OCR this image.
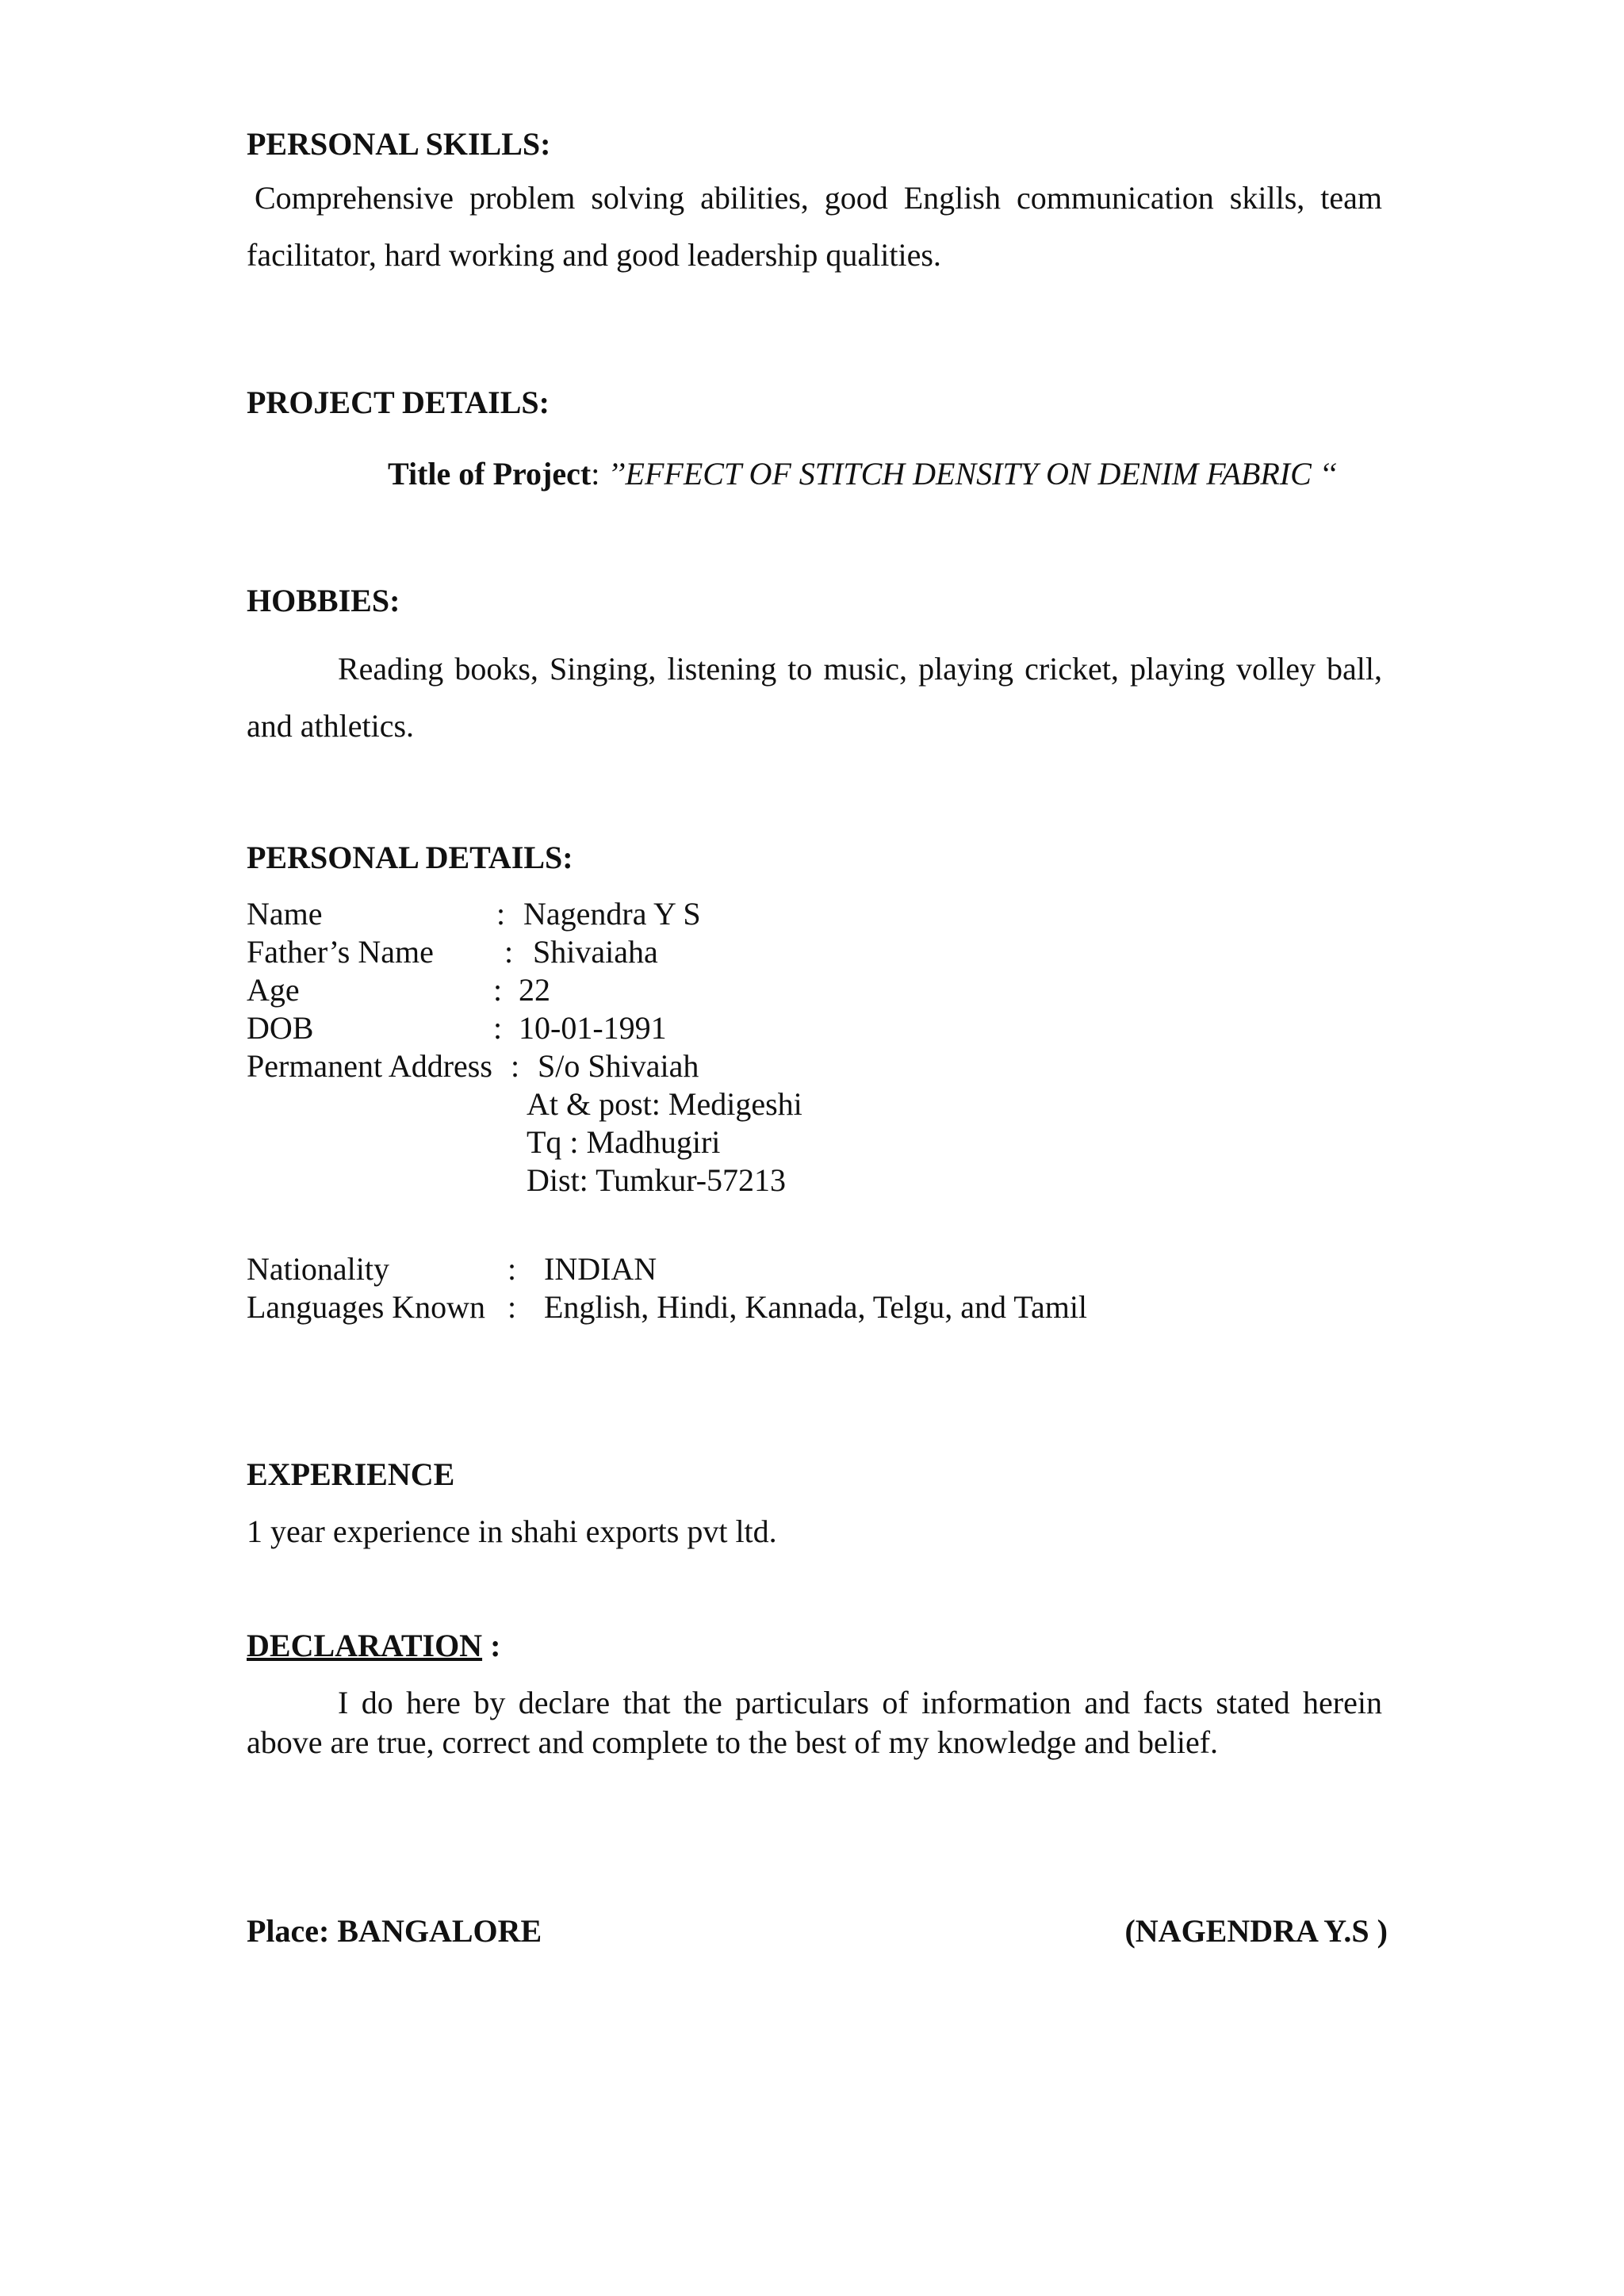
PERSONAL SKILLS:
Comprehensive problem solving abilities, good English communication skills, team facilitator, hard working and good leadership qualities.
PROJECT DETAILS:
Title of Project: ’’EFFECT OF STITCH DENSITY ON DENIM FABRIC ‘‘
HOBBIES:
Reading books, Singing, listening to music, playing cricket, playing volley ball, and athletics.
PERSONAL DETAILS:
Name	: Nagendra Y S
Father’s Name : Shivaiaha
Age	: 22
DOB	: 10-01-1991
Permanent Address : S/o Shivaiah
At & post: Medigeshi
Tq : Madhugiri
Dist: Tumkur-57213
Nationality	: INDIAN
Languages Known : English, Hindi, Kannada, Telgu, and Tamil
EXPERIENCE
1 year experience in shahi exports pvt ltd.
DECLARATION :
I do here by declare that the particulars of information and facts stated herein above are true, correct and complete to the best of my knowledge and belief.
Place: BANGALORE	(NAGENDRA Y.S )
